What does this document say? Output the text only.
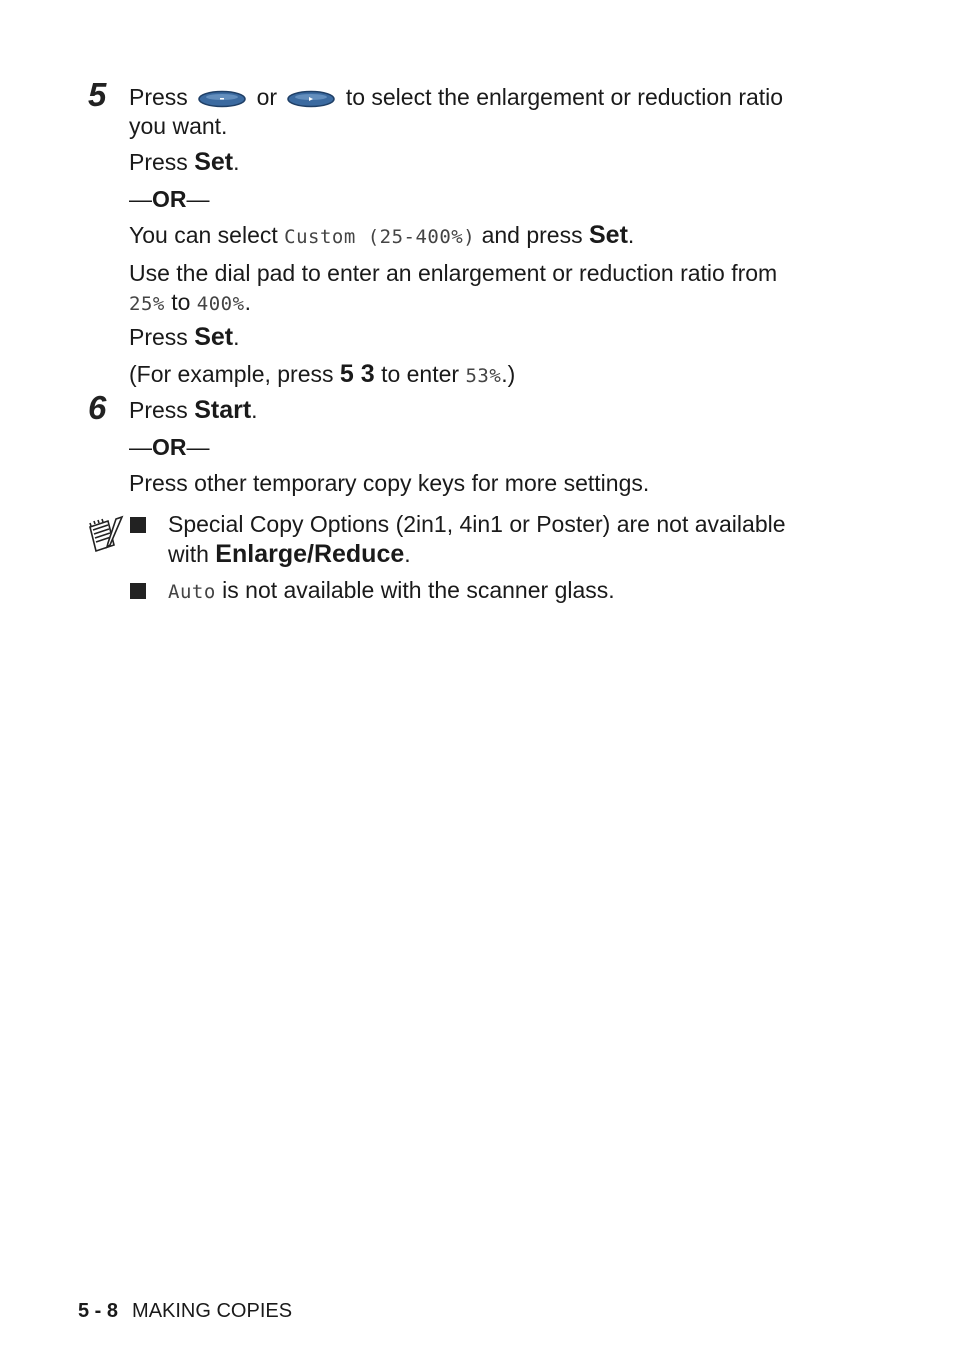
5 Press	or	to select the enlargement or reduction ratio
you want.
Press Set.
—OR—
You can select Custom (25-400%) and press Set.
Use the dial pad to enter an enlargement or reduction ratio from
25% to 400%.
Press Set.
(For example, press 5 3 to enter 53%.)
6 Press Start.
—OR—
Press other temporary copy keys for more settings.
Special Copy Options (2in1, 4in1 or Poster) are not available
with Enlarge/Reduce.
Auto is not available with the scanner glass.
5 - 8 MAKING COPIES
